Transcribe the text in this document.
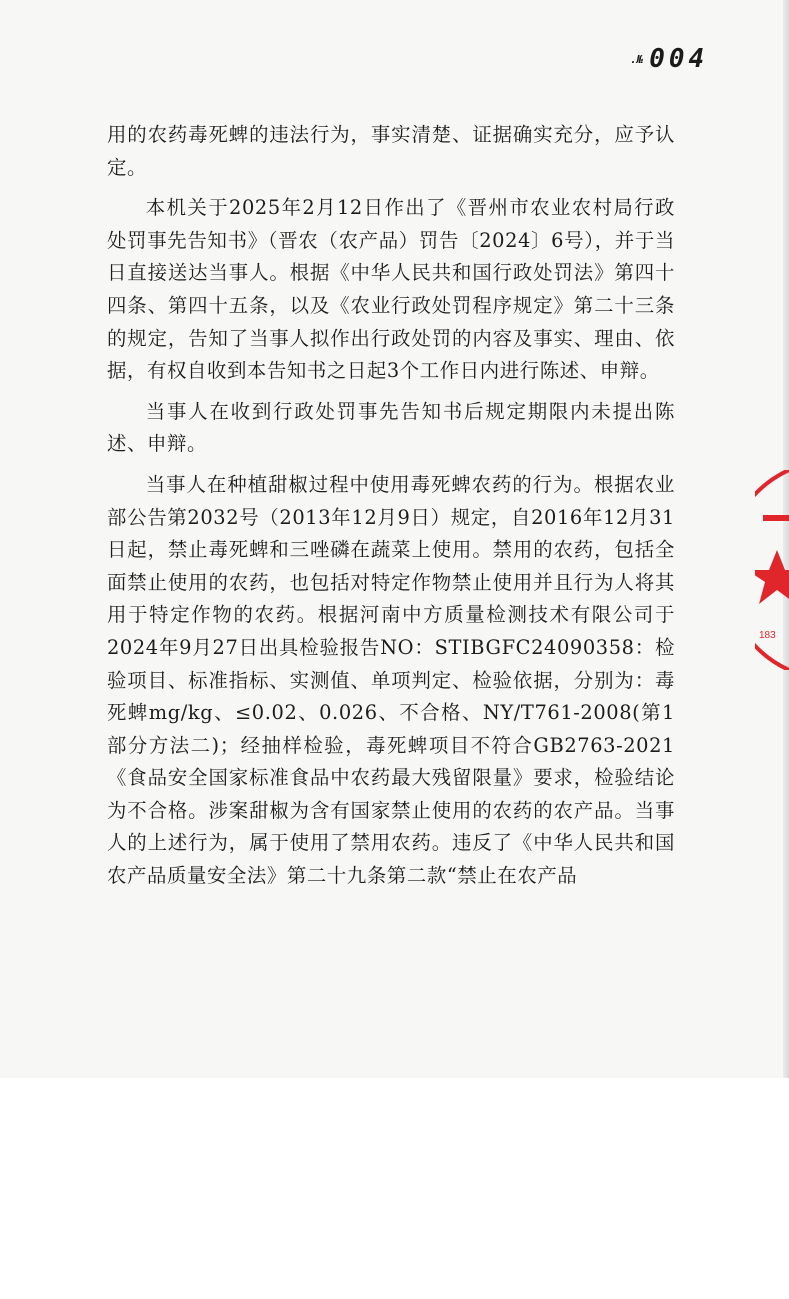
.№ 004

用的农药毒死蜱的违法行为，事实清楚、证据确实充分，应予认定。

本机关于2025年2月12日作出了《晋州市农业农村局行政处罚事先告知书》（晋农（农产品）罚告〔2024〕6号），并于当日直接送达当事人。根据《中华人民共和国行政处罚法》第四十四条、第四十五条，以及《农业行政处罚程序规定》第二十三条的规定，告知了当事人拟作出行政处罚的内容及事实、理由、依据，有权自收到本告知书之日起3个工作日内进行陈述、申辩。

当事人在收到行政处罚事先告知书后规定期限内未提出陈述、申辩。

当事人在种植甜椒过程中使用毒死蜱农药的行为。根据农业部公告第2032号（2013年12月9日）规定，自2016年12月31日起，禁止毒死蜱和三唑磷在蔬菜上使用。禁用的农药，包括全面禁止使用的农药，也包括对特定作物禁止使用并且行为人将其用于特定作物的农药。根据河南中方质量检测技术有限公司于2024年9月27日出具检验报告NO：STIBGFC24090358：检验项目、标准指标、实测值、单项判定、检验依据，分别为：毒死蜱mg/kg、≤0.02、0.026、不合格、NY/T761-2008(第1部分方法二)；经抽样检验，毒死蜱项目不符合GB2763-2021《食品安全国家标准食品中农药最大残留限量》要求，检验结论为不合格。涉案甜椒为含有国家禁止使用的农药的农产品。当事人的上述行为，属于使用了禁用农药。违反了《中华人民共和国农产品质量安全法》第二十九条第二款“禁止在农产品

183
